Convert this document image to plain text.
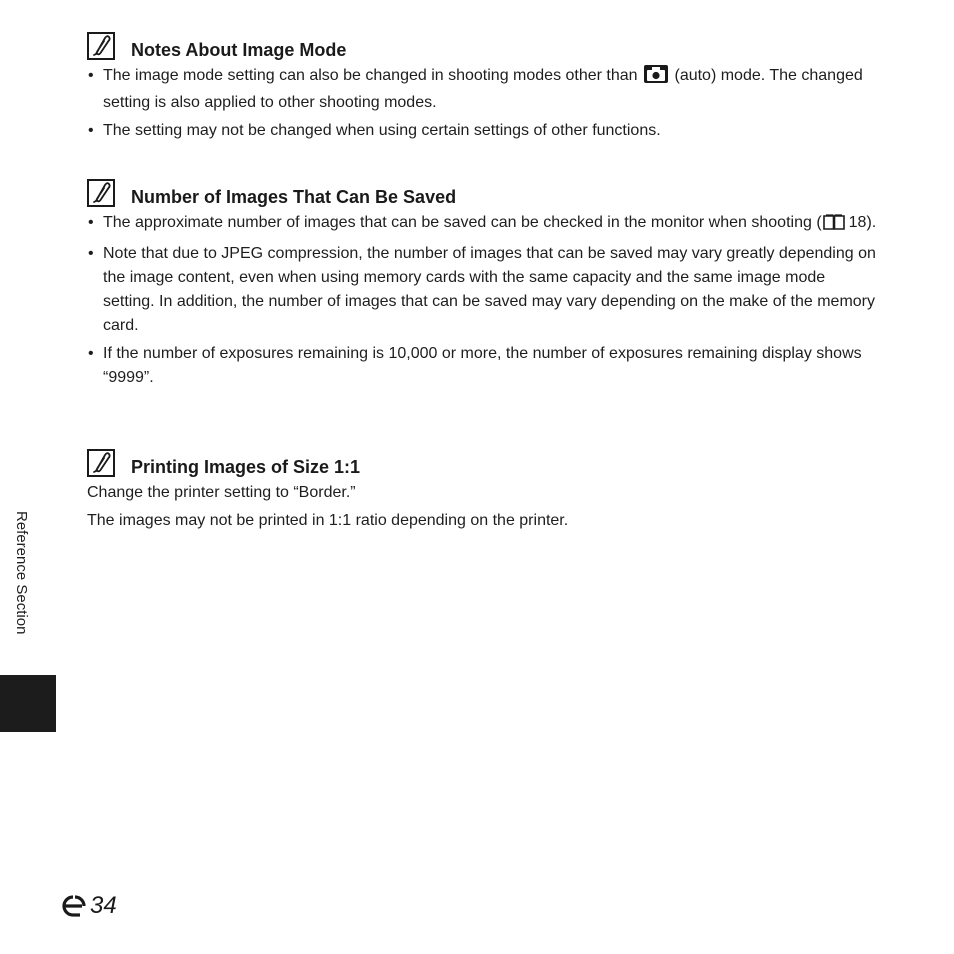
Notes About Image Mode
• The image mode setting can also be changed in shooting modes other than (auto) mode. The changed setting is also applied to other shooting modes.
• The setting may not be changed when using certain settings of other functions.
Number of Images That Can Be Saved
• The approximate number of images that can be saved can be checked in the monitor when shooting ( 18).
• Note that due to JPEG compression, the number of images that can be saved may vary greatly depending on the image content, even when using memory cards with the same capacity and the same image mode setting. In addition, the number of images that can be saved may vary depending on the make of the memory card.
• If the number of exposures remaining is 10,000 or more, the number of exposures remaining display shows “9999”.
Printing Images of Size 1:1

Change the printer setting to “Border.”

The images may not be printed in 1:1 ratio depending on the printer.

Reference Section
34
